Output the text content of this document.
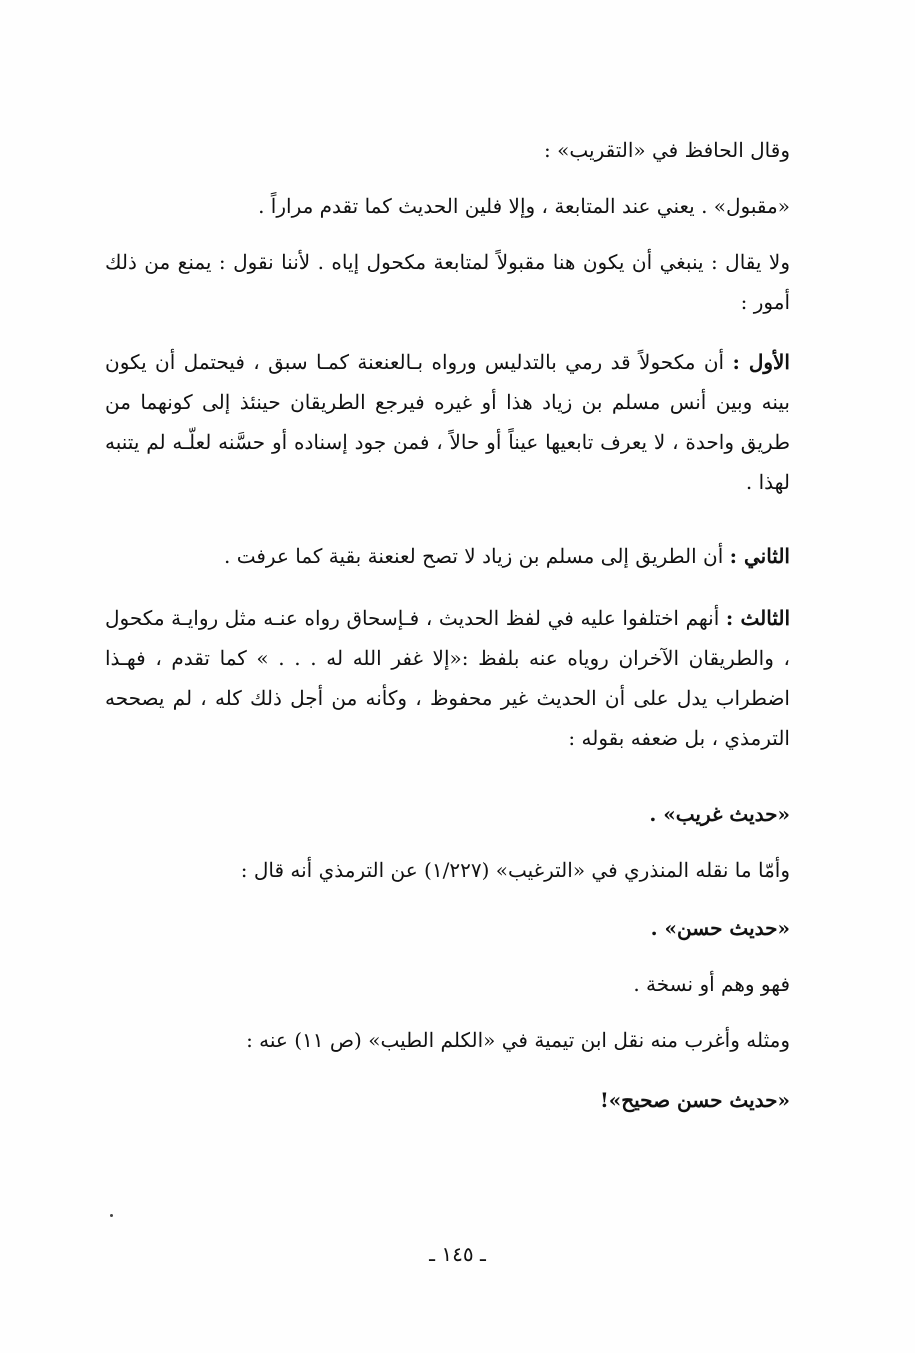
وقال الحافظ في «التقريب» :
«مقبول» . يعني عند المتابعة ، وإلا فلين الحديث كما تقدم مراراً .
ولا يقال : ينبغي أن يكون هنا مقبولاً لمتابعة مكحول إياه . لأننا نقول : يمنع من ذلك أمور :
الأول : أن مكحولاً قد رمي بالتدليس ورواه بـالعنعنة كمـا سبق ، فيحتمل أن يكون بينه وبين أنس مسلم بن زياد هذا أو غيره فيرجع الطريقان حينئذ إلى كونهما من طريق واحدة ، لا يعرف تابعيها عيناً أو حالاً ، فمن جود إسناده أو حسَّنه لعلّـه لم يتنبه لهذا .
الثاني : أن الطريق إلى مسلم بن زياد لا تصح لعنعنة بقية كما عرفت .
الثالث : أنهم اختلفوا عليه في لفظ الحديث ، فـإسحاق رواه عنـه مثل روايـة مكحول ، والطريقان الآخران روياه عنه بلفظ :«إلا غفر الله له . . . » كما تقدم ، فهـذا اضطراب يدل على أن الحديث غير محفوظ ، وكأنه من أجل ذلك كله ، لم يصححه الترمذي ، بل ضعفه بقوله :
«حديث غريب» .
وأمّا ما نقله المنذري في «الترغيب» (١/٢٢٧) عن الترمذي أنه قال :
«حديث حسن» .
فهو وهم أو نسخة .
ومثله وأغرب منه نقل ابن تيمية في «الكلم الطيب» (ص ١١) عنه :
«حديث حسن صحيح»!
ـ ١٤٥ ـ
